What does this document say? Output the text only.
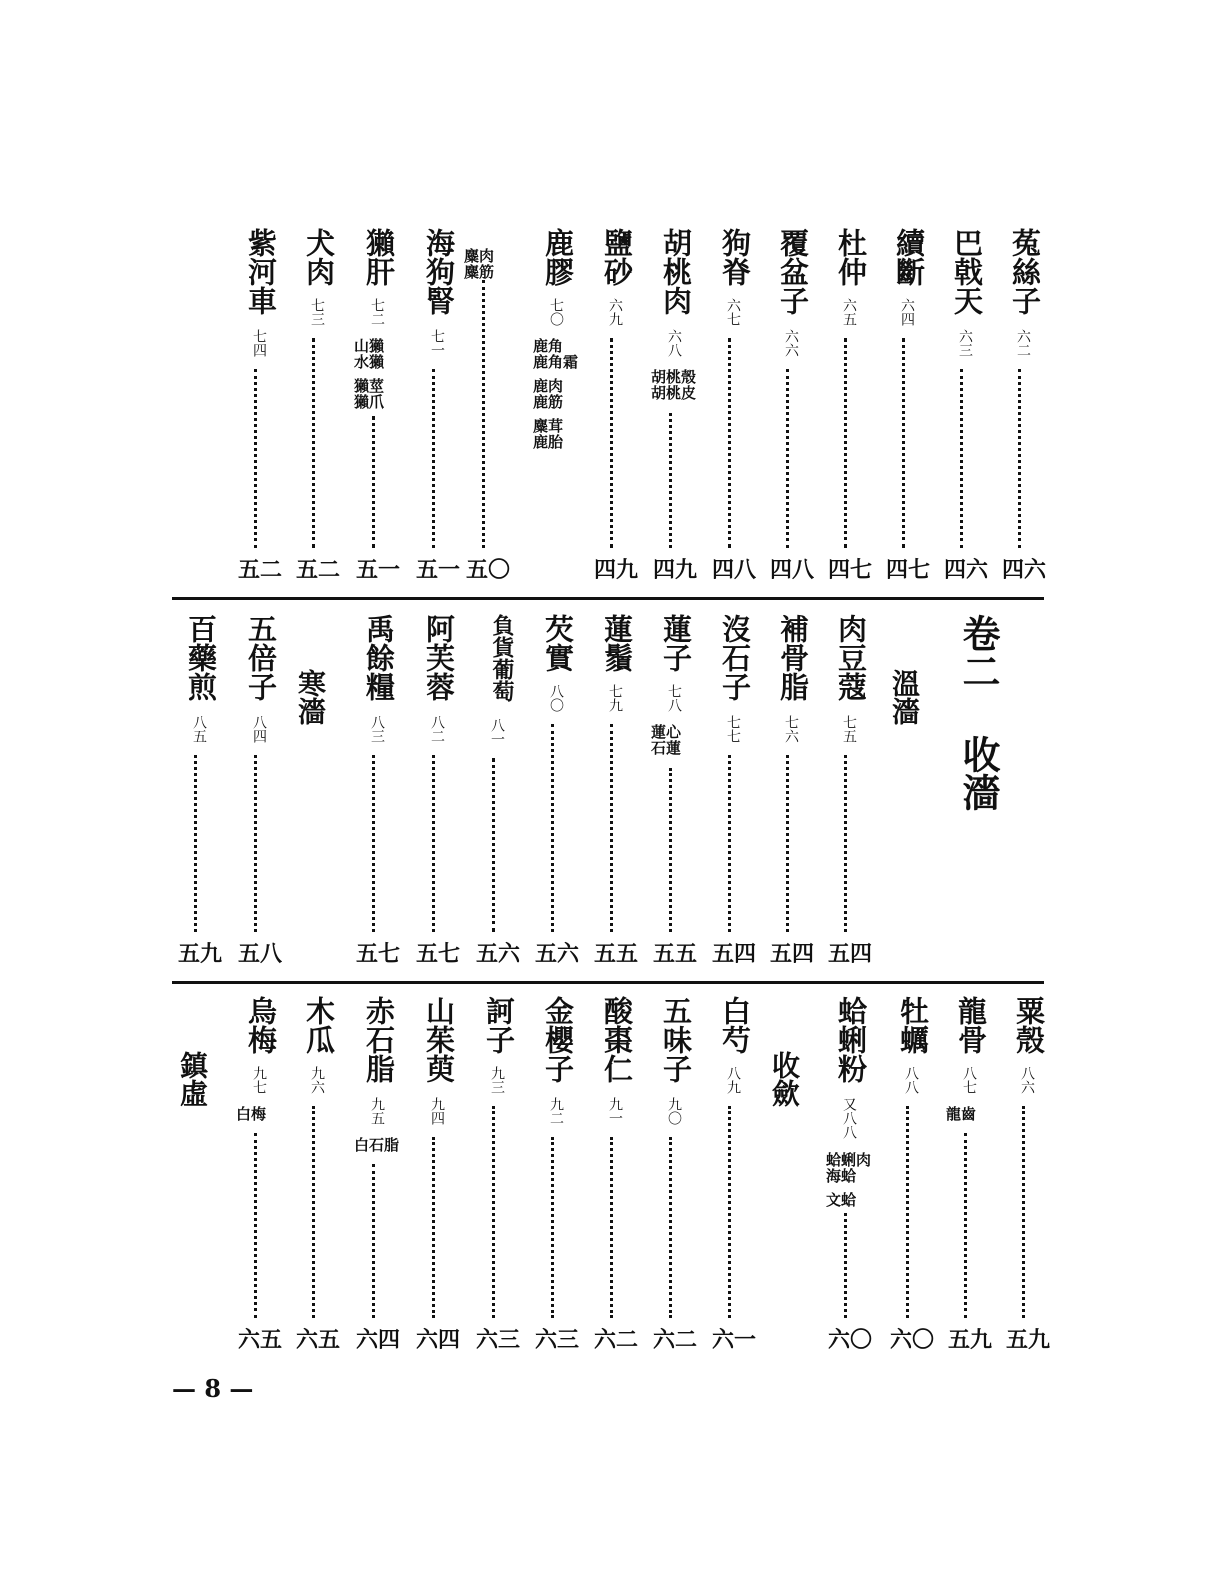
卷二 收濇
菟絲子
六二
四六
巴戟天
六三
四六
續斷
六四
四七
杜仲
六五
四七
覆盆子
六六
四八
狗脊
六七
四八
胡桃肉
六八
胡桃殼
胡桃皮
四九
鹽砂
六九
四九
鹿膠
七〇
鹿角
鹿角霜
鹿肉
鹿筋
麋茸
鹿胎
麋肉
麋筋
五〇
海狗腎
七一
五一
獺肝
七二
山獺
水獺
獺莖
獺爪
五一
犬肉
七三
五二
紫河車
七四
五二
溫濇
肉豆蔻
七五
五四
補骨脂
七六
五四
沒石子
七七
五四
蓮子
七八
蓮心
石蓮
五五
蓮鬚
七九
五五
芡實
八〇
五六
負貨葡萄
八一
五六
阿芙蓉
八二
五七
禹餘糧
八三
五七
寒濇
五倍子
八四
五八
百藥煎
八五
五九
粟殼
八六
五九
龍骨
八七
龍齒
五九
牡蠣
八八
六〇
蛤蜊粉
又八八
蛤蜊肉
海蛤
文蛤
六〇
收歛
白芍
八九
六一
五味子
九〇
六二
酸棗仁
九一
六二
金櫻子
九二
六三
訶子
九三
六三
山茱萸
九四
六四
赤石脂
九五
白石脂
六四
木瓜
九六
六五
烏梅
九七
白梅
六五
鎮虛
— 8 —
